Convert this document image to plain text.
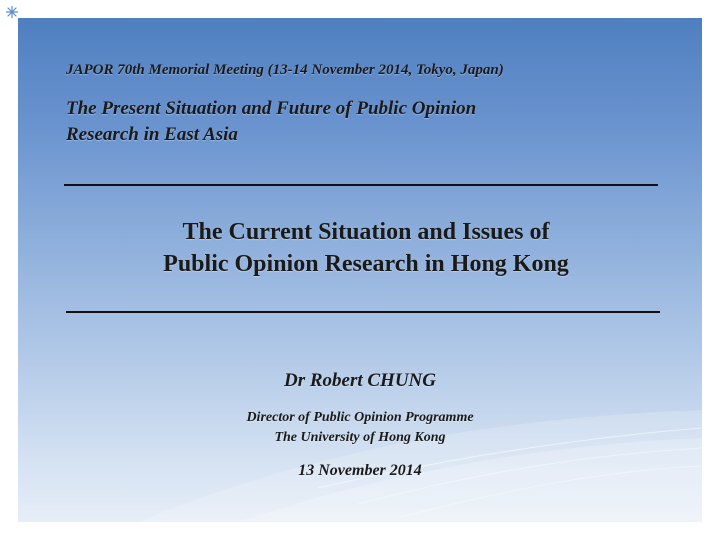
JAPOR 70th Memorial Meeting (13-14 November 2014, Tokyo, Japan)
The Present Situation and Future of Public Opinion
Research in East Asia
The Current Situation and Issues of
Public Opinion Research in Hong Kong
Dr Robert CHUNG
Director of Public Opinion Programme
The University of Hong Kong
13 November 2014
